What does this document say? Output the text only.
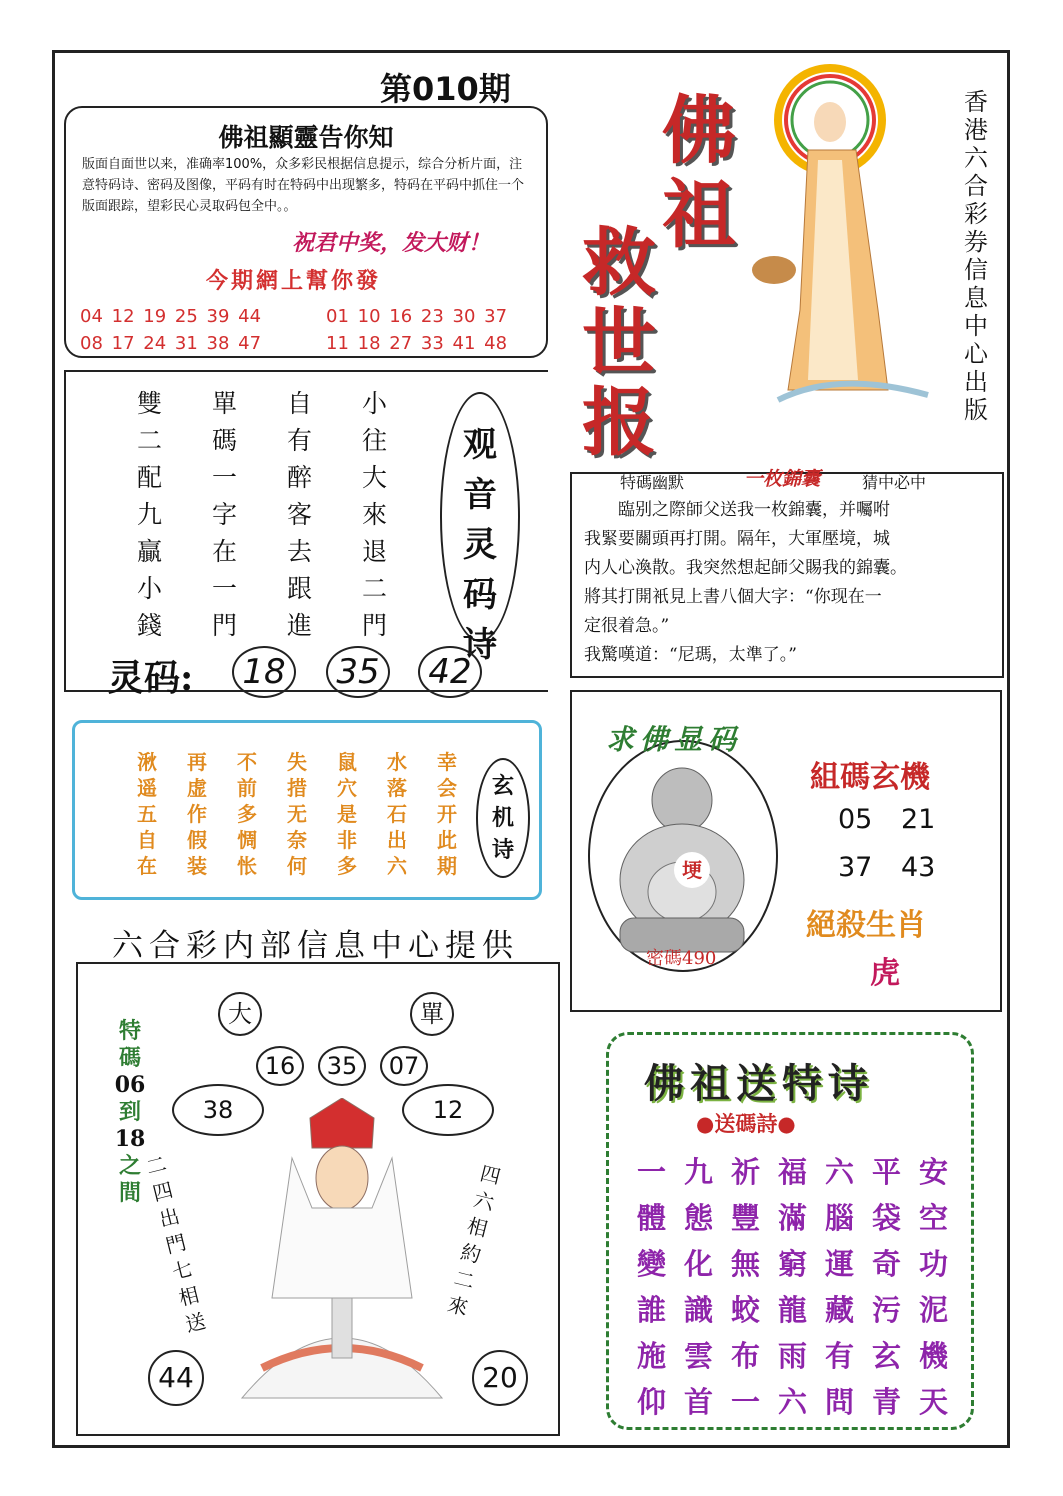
第010期
佛祖顯靈告你知
版面自面世以来，准确率100%，众多彩民根据信息提示，综合分析片面，注意特码诗、密码及图像，平码有时在特码中出现繁多，特码在平码中抓住一个版面跟踪，望彩民心灵取码包全中。。
祝君中奖，发大财！
今期網上幫你發
04 12 19 25 39 44
08 17 24 31 38 47
01 10 16 23 30 37
11 18 27 33 41 48
佛
祖
救
世
报
香港六合彩券信息中心出版
雙	單	自	小
二	碼	有	往
配	一	醉	大
九	字	客	來
贏	在	去	退
小	一	跟	二
錢	門	進	門
观
音
灵
码
诗
灵码:	18	35	42
特碼幽默	一枚錦囊	猜中必中
　　臨别之際師父送我一枚錦囊，并囑咐
我緊要關頭再打開。隔年，大軍壓境，城
内人心渙散。我突然想起師父賜我的錦囊。
將其打開衹見上書八個大字：“你现在一
定很着急。”
我驚嘆道：“尼瑪，太準了。”
湫	再	不	失	鼠	水	幸
遥	虚	前	措	穴	落	会
五	作	多	无	是	石	开
自	假	惆	奈	非	出	此
在	装	怅	何	多	六	期
玄
机
诗
六合彩内部信息中心提供
埂
求佛显码
密碼490
組碼玄機
05 21
37 43
絕殺生肖
虎
特
碼
06
到
18
之
間
大	單
16	35	07
38	12
二
四
出
門
七
相
送
四
六
相
約
二
來
44	20
佛祖送特诗
●送碼詩●
一 九 祈 福 六 平 安
體 態 豐 滿 腦 袋 空
變 化 無 窮 運 奇 功
誰 識 蛟 龍 藏 污 泥
施 雲 布 雨 有 玄 機
仰 首 一 六 問 青 天
